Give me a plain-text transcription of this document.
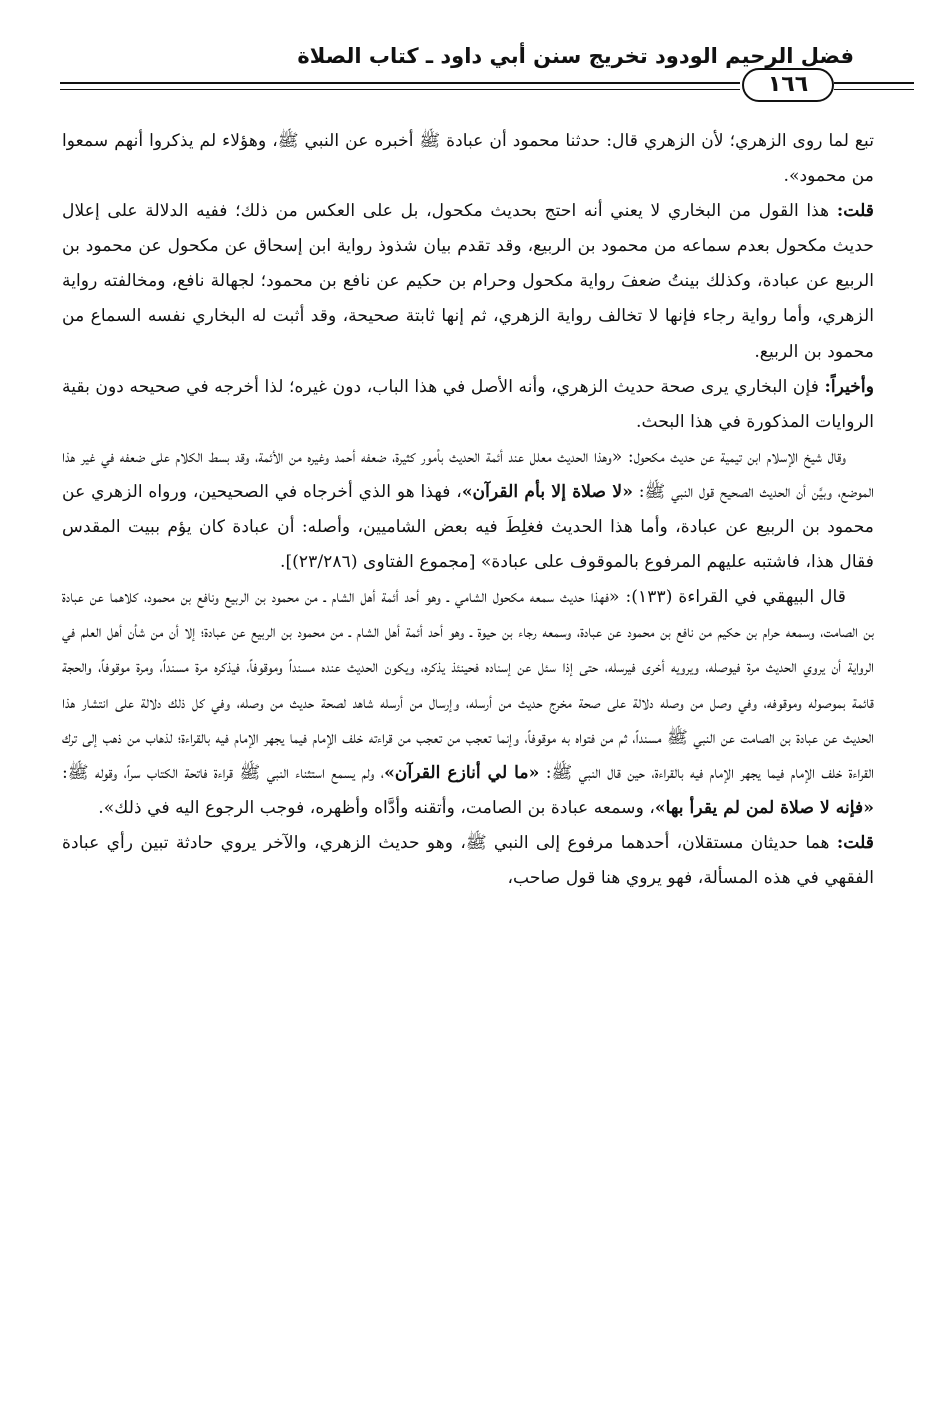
فضل الرحيم الودود تخريج سنن أبي داود ـ كتاب الصلاة
١٦٦

تبع لما روى الزهري؛ لأن الزهري قال: حدثنا محمود أن عبادة ﷺ أخبره عن النبي ﷺ، وهؤلاء لم يذكروا أنهم سمعوا من محمود».

قلت: هذا القول من البخاري لا يعني أنه احتج بحديث مكحول، بل على العكس من ذلك؛ ففيه الدلالة على إعلال حديث مكحول بعدم سماعه من محمود بن الربيع، وقد تقدم بيان شذوذ رواية ابن إسحاق عن مكحول عن محمود بن الربيع عن عبادة، وكذلك بينتُ ضعفَ رواية مكحول وحرام بن حكيم عن نافع بن محمود؛ لجهالة نافع، ومخالفته رواية الزهري، وأما رواية رجاء فإنها لا تخالف رواية الزهري، ثم إنها ثابتة صحيحة، وقد أثبت له البخاري نفسه السماع من محمود بن الربيع.

وأخيراً: فإن البخاري يرى صحة حديث الزهري، وأنه الأصل في هذا الباب، دون غيره؛ لذا أخرجه في صحيحه دون بقية الروايات المذكورة في هذا البحث.

وقال شيخ الإسلام ابن تيمية عن حديث مكحول: «وهذا الحديث معلل عند أئمة الحديث بأمور كثيرة، ضعفه أحمد وغيره من الأئمة، وقد بسط الكلام على ضعفه في غير هذا الموضع، وبيَّن أن الحديث الصحيح قول النبي ﷺ: «لا صلاة إلا بأم القرآن»، فهذا هو الذي أخرجاه في الصحيحين، ورواه الزهري عن محمود بن الربيع عن عبادة، وأما هذا الحديث فغلِطَ فيه بعض الشاميين، وأصله: أن عبادة كان يؤم ببيت المقدس فقال هذا، فاشتبه عليهم المرفوع بالموقوف على عبادة» [مجموع الفتاوى (٢٣/٢٨٦)].

قال البيهقي في القراءة (١٣٣): «فهذا حديث سمعه مكحول الشامي ـ وهو أحد أئمة أهل الشام ـ من محمود بن الربيع ونافع بن محمود، كلاهما عن عبادة بن الصامت، وسمعه حرام بن حكيم من نافع بن محمود عن عبادة، وسمعه رجاء بن حيوة ـ وهو أحد أئمة أهل الشام ـ من محمود بن الربيع عن عبادة؛ إلا أن من شأن أهل العلم في الرواية أن يروي الحديث مرة فيوصله، ويرويه أخرى فيرسله، حتى إذا سئل عن إسناده فحينئذ يذكره، ويكون الحديث عنده مسنداً وموقوفاً، فيذكره مرة مسنداً، ومرة موقوفاً، والحجة قائمة بموصوله وموقوفه، وفي وصل من وصله دلالة على صحة مخرج حديث من أرسله، وإرسال من أرسله شاهد لصحة حديث من وصله، وفي كل ذلك دلالة على انتشار هذا الحديث عن عبادة بن الصامت عن النبي ﷺ مسنداً، ثم من فتواه به موقوفاً، وإنما تعجب من تعجب من قراءته خلف الإمام فيما يجهر الإمام فيه بالقراءة؛ لذهاب من ذهب إلى ترك القراءة خلف الإمام فيما يجهر الإمام فيه بالقراءة، حين قال النبي ﷺ: «ما لي أنازع القرآن»، ولم يسمع استثناء النبي ﷺ قراءة فاتحة الكتاب سراً، وقوله ﷺ: «فإنه لا صلاة لمن لم يقرأ بها»، وسمعه عبادة بن الصامت، وأتقنه وأدَّاه وأظهره، فوجب الرجوع اليه في ذلك».

قلت: هما حديثان مستقلان، أحدهما مرفوع إلى النبي ﷺ، وهو حديث الزهري، والآخر يروي حادثة تبين رأي عبادة الفقهي في هذه المسألة، فهو يروي هنا قول صاحب،
